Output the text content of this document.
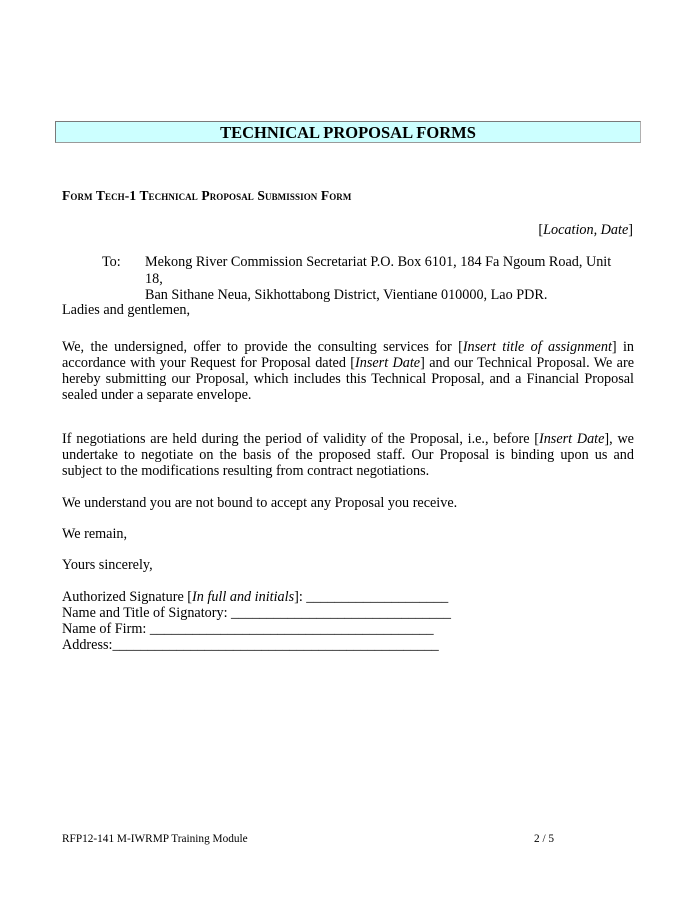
TECHNICAL PROPOSAL FORMS
Form Tech-1 Technical Proposal Submission Form
[Location, Date]
To: Mekong River Commission Secretariat P.O. Box 6101, 184 Fa Ngoum Road, Unit 18,
Ban Sithane Neua, Sikhottabong District, Vientiane 010000, Lao PDR.
Ladies and gentlemen,
We, the undersigned, offer to provide the consulting services for [Insert title of assignment] in accordance with your Request for Proposal dated [Insert Date] and our Technical Proposal. We are hereby submitting our Proposal, which includes this Technical Proposal, and a Financial Proposal sealed under a separate envelope.
If negotiations are held during the period of validity of the Proposal, i.e., before [Insert Date], we undertake to negotiate on the basis of the proposed staff. Our Proposal is binding upon us and subject to the modifications resulting from contract negotiations.
We understand you are not bound to accept any Proposal you receive.
We remain,
Yours sincerely,
Authorized Signature [In full and initials]: ____________________
Name and Title of Signatory: _______________________________
Name of Firm: ________________________________________
Address:______________________________________________
RFP12-141 M-IWRMP Training Module	2 / 5
